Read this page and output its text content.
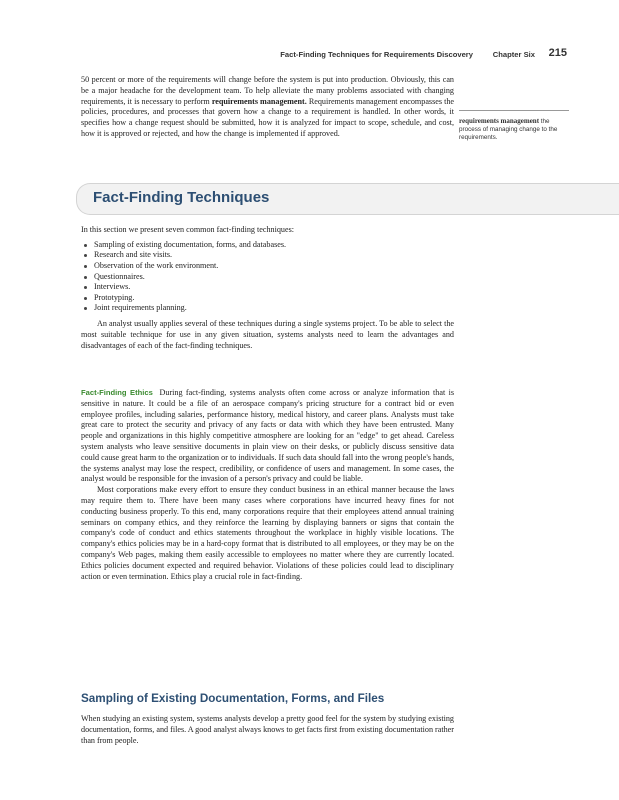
Fact-Finding Techniques for Requirements Discovery	Chapter Six 215

50 percent or more of the requirements will change before the system is put into production. Obviously, this can be a major headache for the development team. To help alleviate the many problems associated with changing requirements, it is necessary to perform requirements management. Requirements management encompasses the policies, procedures, and processes that govern how a change to a requirement is handled. In other words, it specifies how a change request should be submitted, how it is analyzed for impact to scope, schedule, and cost, how it is approved or rejected, and how the change is implemented if approved.

requirements management the process of managing change to the requirements.
Fact-Finding Techniques

In this section we present seven common fact-finding techniques:

Sampling of existing documentation, forms, and databases.
Research and site visits.
Observation of the work environment.
Questionnaires.
Interviews.
Prototyping.
Joint requirements planning.

An analyst usually applies several of these techniques during a single systems project. To be able to select the most suitable technique for use in any given situation, systems analysts need to learn the advantages and disadvantages of each of the fact-finding techniques.

Fact-Finding Ethics During fact-finding, systems analysts often come across or analyze information that is sensitive in nature. It could be a file of an aerospace company's pricing structure for a contract bid or even employee profiles, including salaries, performance history, medical history, and career plans. Analysts must take great care to protect the security and privacy of any facts or data with which they have been entrusted. Many people and organizations in this highly competitive atmosphere are looking for an "edge" to get ahead. Careless system analysts who leave sensitive documents in plain view on their desks, or publicly discuss sensitive data could cause great harm to the organization or to individuals. If such data should fall into the wrong people's hands, the systems analyst may lose the respect, credibility, or confidence of users and management. In some cases, the analyst would be responsible for the invasion of a person's privacy and could be liable.

Most corporations make every effort to ensure they conduct business in an ethical manner because the laws may require them to. There have been many cases where corporations have incurred heavy fines for not conducting business properly. To this end, many corporations require that their employees attend annual training seminars on company ethics, and they reinforce the learning by displaying banners or signs that contain the company's code of conduct and ethics statements throughout the workplace in highly visible locations. The company's ethics policies may be in a hard-copy format that is distributed to all employees, or they may be on the company's Web pages, making them easily accessible to employees no matter where they are currently located. Ethics policies document expected and required behavior. Violations of these policies could lead to disciplinary action or even termination. Ethics play a crucial role in fact-finding.

Sampling of Existing Documentation, Forms, and Files

When studying an existing system, systems analysts develop a pretty good feel for the system by studying existing documentation, forms, and files. A good analyst always knows to get facts first from existing documentation rather than from people.
